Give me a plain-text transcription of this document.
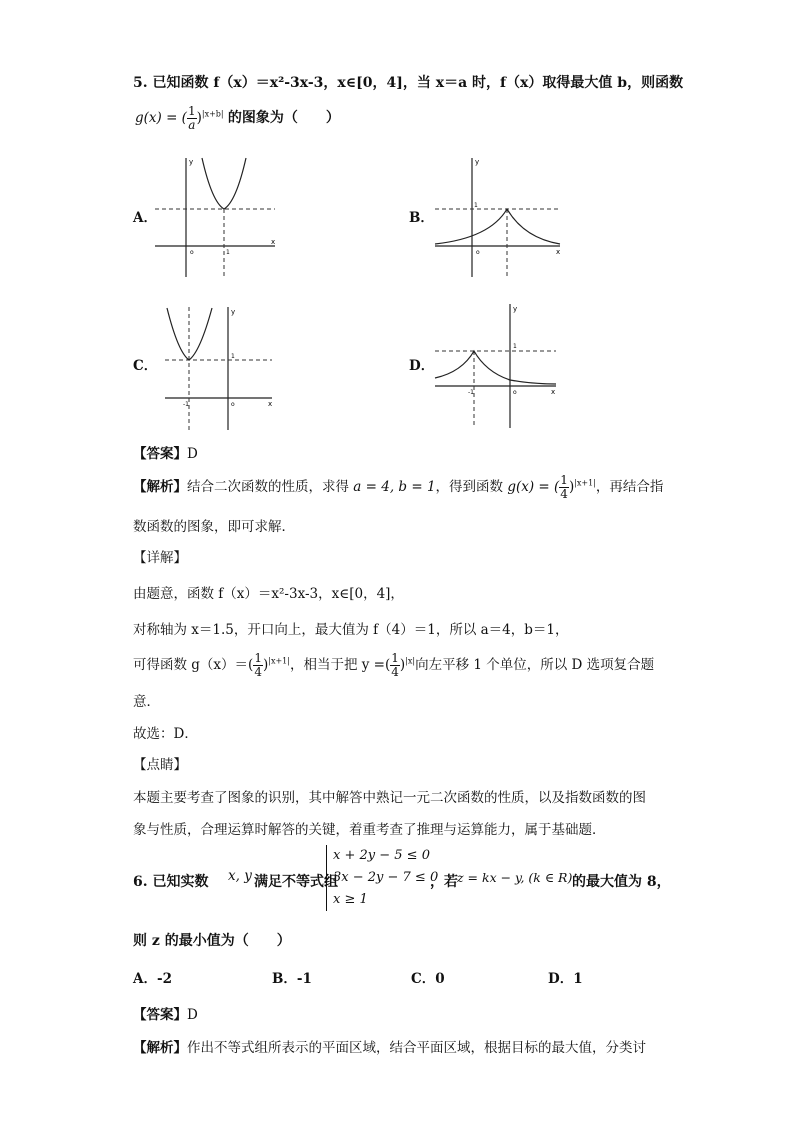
5. 已知函数 f（x）＝x²-3x-3，x∈[0，4]，当 x＝a 时，f（x）取得最大值 b，则函数
g(x) = ( $\frac{1}{a} )^{|x+b|}$ 的图象为（　　）
A．	B．
C．	D．
y
x
o	1
y
x
o
1
y
x
o
1
-1
y
x
o
1
-1
【答案】D
【解析】结合二次函数的性质，求得 a = 4, b = 1，得到函数 g(x) = ( $\frac{1}{4} )^{|x+1|}$，再结合指
数函数的图象，即可求解．
【详解】
由题意，函数 f（x）＝x²-3x-3，x∈[0，4]，
对称轴为 x＝1.5，开口向上，最大值为 f（4）＝1，所以 a＝4，b＝1，
可得函数 $g(x)=( \frac{1}{4} )^{|x+1|}$，相当于把 y =( $\frac{1}{4} )^{|x|}$向左平移 1 个单位，所以 D 选项复合题
意．
故选：D．
【点睛】
本题主要考查了图象的识别，其中解答中熟记一元二次函数的性质，以及指数函数的图
象与性质，合理运算时解答的关键，着重考查了推理与运算能力，属于基础题．
6. 已知实数 x, y 满足不等式组
x + 2y − 5 ≤ 0
3x − 2y − 7 ≤ 0
x ≥ 1
，若 z = kx − y, (k ∈ R) 的最大值为 8，
则 z 的最小值为（　　）
A．-2	B．-1	C．0	D．1
【答案】D
【解析】作出不等式组所表示的平面区域，结合平面区域，根据目标的最大值，分类讨
